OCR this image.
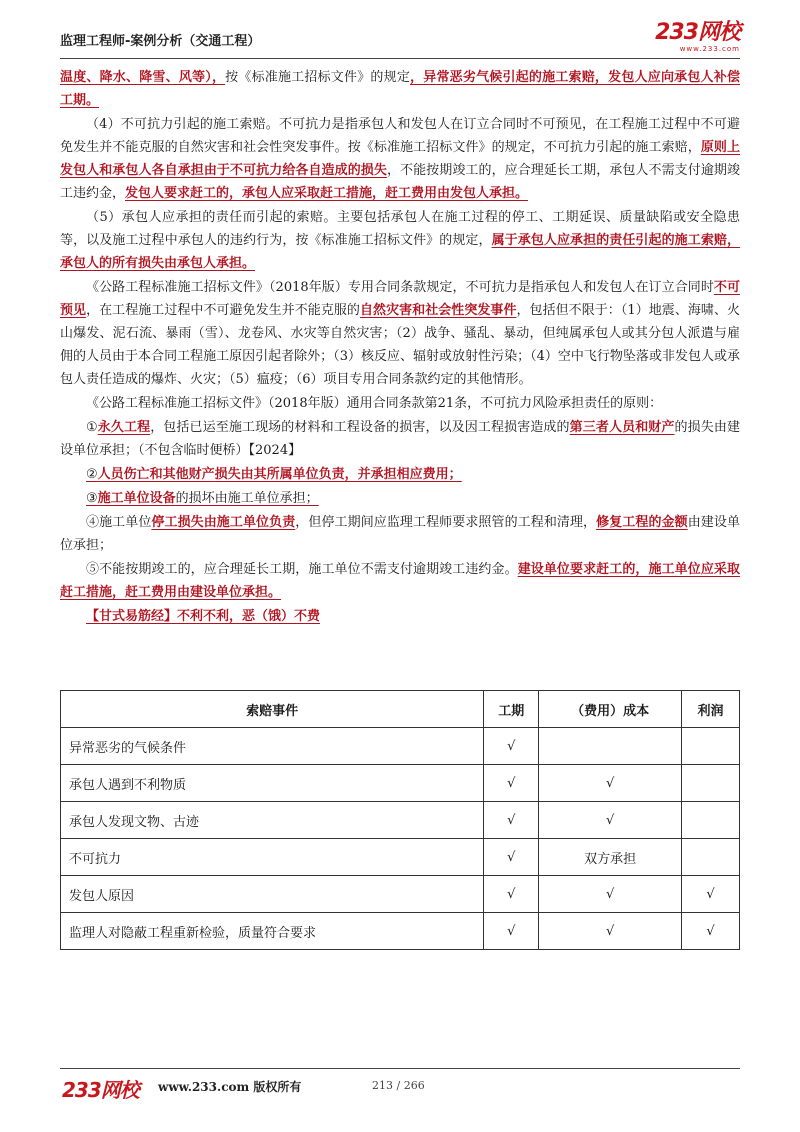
监理工程师-案例分析（交通工程）	233网校
www.233.com

温度、降水、降雪、风等），按《标准施工招标文件》的规定，异常恶劣气候引起的施工索赔，发包人应向承包人补偿工期。

（4）不可抗力引起的施工索赔。不可抗力是指承包人和发包人在订立合同时不可预见，在工程施工过程中不可避免发生并不能克服的自然灾害和社会性突发事件。按《标准施工招标文件》的规定，不可抗力引起的施工索赔，原则上发包人和承包人各自承担由于不可抗力给各自造成的损失，不能按期竣工的，应合理延长工期，承包人不需支付逾期竣工违约金，发包人要求赶工的，承包人应采取赶工措施，赶工费用由发包人承担。

（5）承包人应承担的责任而引起的索赔。主要包括承包人在施工过程的停工、工期延误、质量缺陷或安全隐患等，以及施工过程中承包人的违约行为，按《标准施工招标文件》的规定，属于承包人应承担的责任引起的施工索赔，承包人的所有损失由承包人承担。

《公路工程标准施工招标文件》（2018年版）专用合同条款规定，不可抗力是指承包人和发包人在订立合同时不可预见，在工程施工过程中不可避免发生并不能克服的自然灾害和社会性突发事件，包括但不限于：（1）地震、海啸、火山爆发、泥石流、暴雨（雪）、龙卷风、水灾等自然灾害；（2）战争、骚乱、暴动，但纯属承包人或其分包人派遣与雇佣的人员由于本合同工程施工原因引起者除外；（3）核反应、辐射或放射性污染；（4）空中飞行物坠落或非发包人或承包人责任造成的爆炸、火灾；（5）瘟疫；（6）项目专用合同条款约定的其他情形。

《公路工程标准施工招标文件》（2018年版）通用合同条款第21条，不可抗力风险承担责任的原则：

①永久工程，包括已运至施工现场的材料和工程设备的损害，以及因工程损害造成的第三者人员和财产的损失由建设单位承担；（不包含临时便桥）【2024】

②人员伤亡和其他财产损失由其所属单位负责，并承担相应费用；

③施工单位设备的损坏由施工单位承担；

④施工单位停工损失由施工单位负责，但停工期间应监理工程师要求照管的工程和清理，修复工程的金额由建设单位承担；

⑤不能按期竣工的，应合理延长工期，施工单位不需支付逾期竣工违约金。建设单位要求赶工的，施工单位应采取赶工措施，赶工费用由建设单位承担。

【甘式易筋经】不利不利，恶（饿）不费

索赔事件	工期	（费用）成本	利润
异常恶劣的气候条件	√		
承包人遇到不利物质	√	√	
承包人发现文物、古迹	√	√	
不可抗力	√	双方承担	
发包人原因	√	√	√
监理人对隐蔽工程重新检验，质量符合要求	√	√	√
233网校 www.233.com 版权所有	213 / 266
